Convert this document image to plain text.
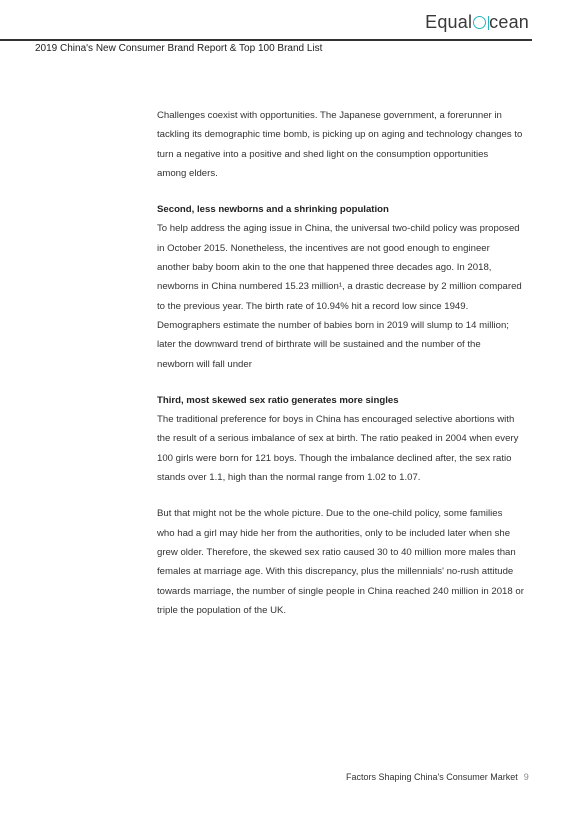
Equal cean
2019 China's New Consumer Brand Report & Top 100 Brand List

Challenges coexist with opportunities. The Japanese government, a forerunner in

tackling its demographic time bomb, is picking up on aging and technology changes to

turn a negative into a positive and shed light on the consumption opportunities

among elders.

Second, less newborns and a shrinking population

To help address the aging issue in China, the universal two-child policy was proposed

in October 2015. Nonetheless, the incentives are not good enough to engineer

another baby boom akin to the one that happened three decades ago. In 2018,

newborns in China numbered 15.23 million¹, a drastic decrease by 2 million compared

to the previous year. The birth rate of 10.94% hit a record low since 1949.

Demographers estimate the number of babies born in 2019 will slump to 14 million;

later the downward trend of birthrate will be sustained and the number of the

newborn will fall under

Third, most skewed sex ratio generates more singles

The traditional preference for boys in China has encouraged selective abortions with

the result of a serious imbalance of sex at birth. The ratio peaked in 2004 when every

100 girls were born for 121 boys. Though the imbalance declined after, the sex ratio

stands over 1.1, high than the normal range from 1.02 to 1.07.

But that might not be the whole picture. Due to the one-child policy, some families

who had a girl may hide her from the authorities, only to be included later when she

grew older. Therefore, the skewed sex ratio caused 30 to 40 million more males than

females at marriage age. With this discrepancy, plus the millennials' no-rush attitude

towards marriage, the number of single people in China reached 240 million in 2018 or

triple the population of the UK.

Factors Shaping China's Consumer Market 9
